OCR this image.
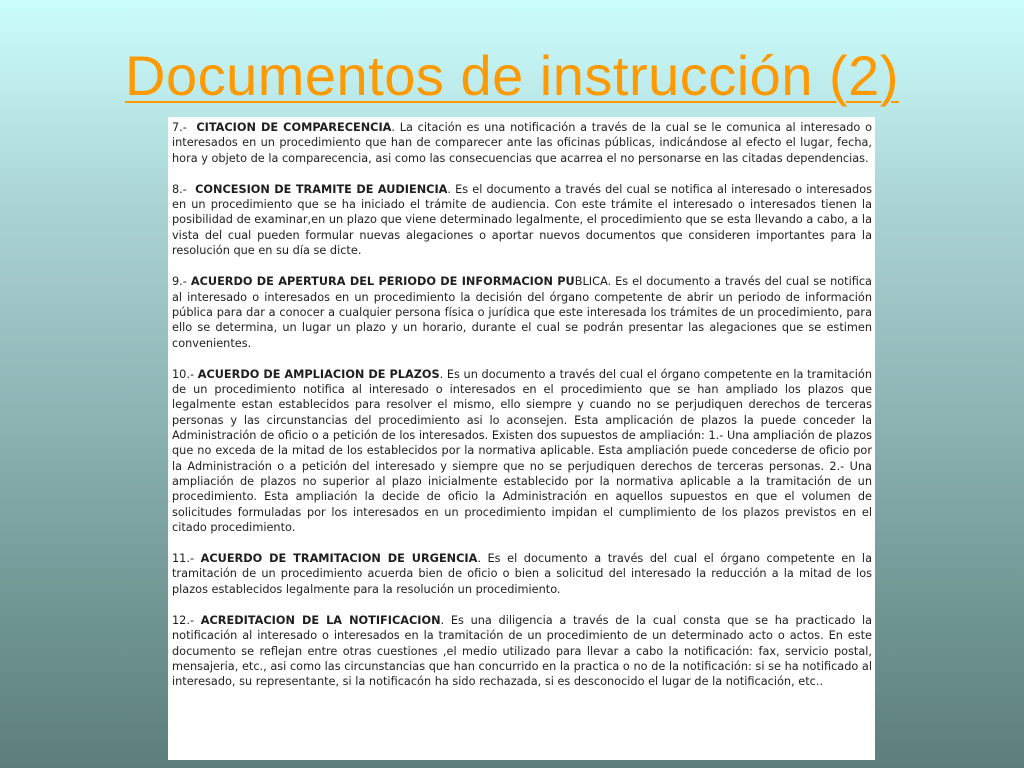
Documentos de instrucción (2)

7.- CITACION DE COMPARECENCIA. La citación es una notificación a través de la cual se le comunica al interesado o interesados en un procedimiento que han de comparecer ante las oficinas públicas, indicándose al efecto el lugar, fecha, hora y objeto de la comparecencia, asi como las consecuencias que acarrea el no personarse en las citadas dependencias.

8.- CONCESION DE TRAMITE DE AUDIENCIA. Es el documento a través del cual se notifica al interesado o interesados en un procedimiento que se ha iniciado el trámite de audiencia. Con este trámite el interesado o interesados tienen la posibilidad de examinar,en un plazo que viene determinado legalmente, el procedimiento que se esta llevando a cabo, a la vista del cual pueden formular nuevas alegaciones o aportar nuevos documentos que consideren importantes para la resolución que en su día se dicte.

9.- ACUERDO DE APERTURA DEL PERIODO DE INFORMACION PUBLICA. Es el documento a través del cual se notifica al interesado o interesados en un procedimiento la decisión del órgano competente de abrir un periodo de información pública para dar a conocer a cualquier persona física o jurídica que este interesada los trámites de un procedimiento, para ello se determina, un lugar un plazo y un horario, durante el cual se podrán presentar las alegaciones que se estimen convenientes.

10.- ACUERDO DE AMPLIACION DE PLAZOS. Es un documento a través del cual el órgano competente en la tramitación de un procedimiento notifica al interesado o interesados en el procedimiento que se han ampliado los plazos que legalmente estan establecidos para resolver el mismo, ello siempre y cuando no se perjudiquen derechos de terceras personas y las circunstancias del procedimiento asi lo aconsejen. Esta amplicación de plazos la puede conceder la Administración de oficio o a petición de los interesados. Existen dos supuestos de ampliación: 1.- Una ampliación de plazos que no exceda de la mitad de los establecidos por la normativa aplicable. Esta ampliación puede concederse de oficio por la Administración o a petición del interesado y siempre que no se perjudiquen derechos de terceras personas. 2.- Una ampliación de plazos no superior al plazo inicialmente establecido por la normativa aplicable a la tramitación de un procedimiento. Esta ampliación la decide de oficio la Administración en aquellos supuestos en que el volumen de solicitudes formuladas por los interesados en un procedimiento impidan el cumplimiento de los plazos previstos en el citado procedimiento.

11.- ACUERDO DE TRAMITACION DE URGENCIA. Es el documento a través del cual el órgano competente en la tramitación de un procedimiento acuerda bien de oficio o bien a solicitud del interesado la reducción a la mitad de los plazos establecidos legalmente para la resolución un procedimiento.

12.- ACREDITACION DE LA NOTIFICACION. Es una diligencia a través de la cual consta que se ha practicado la notificación al interesado o interesados en la tramitación de un procedimiento de un determinado acto o actos. En este documento se reflejan entre otras cuestiones ,el medio utilizado para llevar a cabo la notificación: fax, servicio postal, mensajeria, etc., asi como las circunstancias que han concurrido en la practica o no de la notificación: si se ha notificado al interesado, su representante, si la notificacón ha sido rechazada, si es desconocido el lugar de la notificación, etc..
